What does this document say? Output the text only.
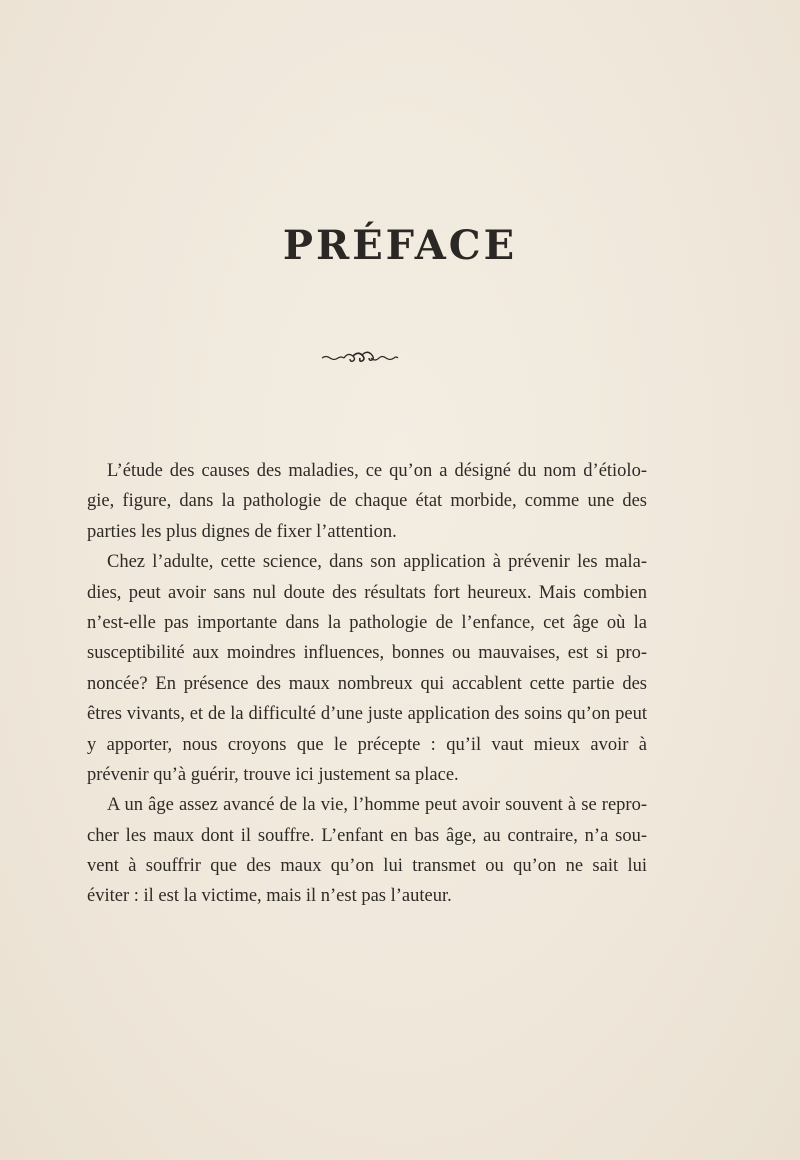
PRÉFACE
L’étude des causes des maladies, ce qu’on a désigné du nom d’étiolo-
gie, figure, dans la pathologie de chaque état morbide, comme une des
parties les plus dignes de fixer l’attention.
Chez l’adulte, cette science, dans son application à prévenir les mala-
dies, peut avoir sans nul doute des résultats fort heureux. Mais combien
n’est-elle pas importante dans la pathologie de l’enfance, cet âge où la
susceptibilité aux moindres influences, bonnes ou mauvaises, est si pro-
noncée? En présence des maux nombreux qui accablent cette partie des
êtres vivants, et de la difficulté d’une juste application des soins qu’on peut
y apporter, nous croyons que le précepte : qu’il vaut mieux avoir à
prévenir qu’à guérir, trouve ici justement sa place.
A un âge assez avancé de la vie, l’homme peut avoir souvent à se repro-
cher les maux dont il souffre. L’enfant en bas âge, au contraire, n’a sou-
vent à souffrir que des maux qu’on lui transmet ou qu’on ne sait lui
éviter : il est la victime, mais il n’est pas l’auteur.
